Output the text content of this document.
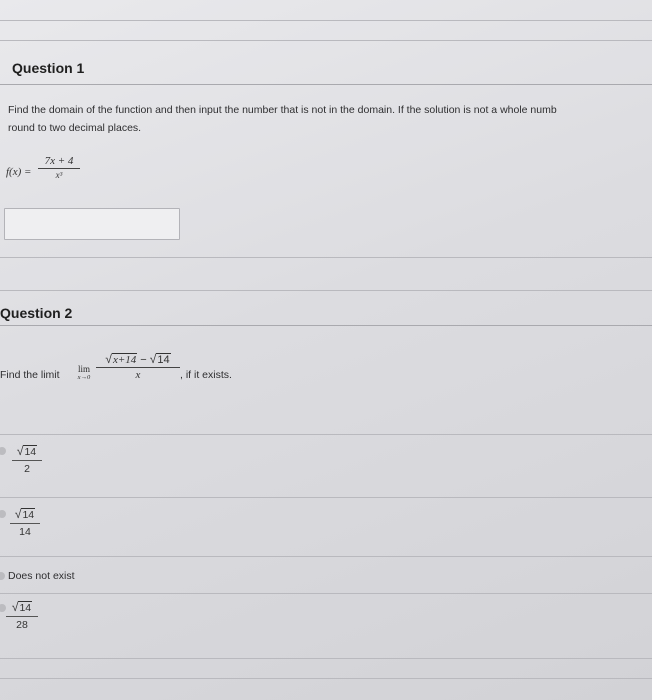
Question 1
Find the domain of the function and then input the number that is not in the domain. If the solution is not a whole numb
round to two decimal places.
f(x) =
7x + 4
x³
Question 2
Find the limit	lim
x→0
√x+14 − √14
x	, if it exists.
√14
2
√14
14
Does not exist
√14
28
